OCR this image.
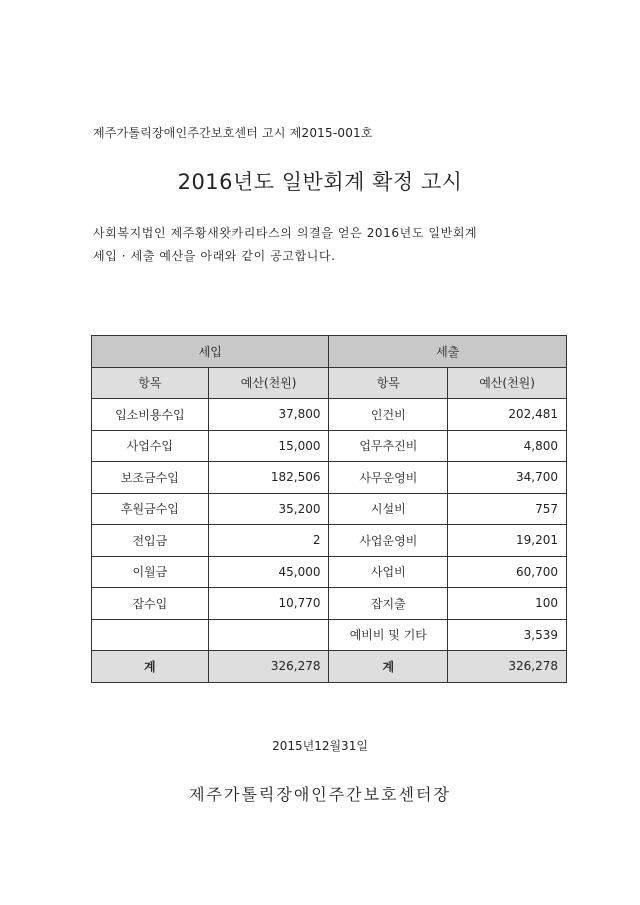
제주가톨릭장애인주간보호센터 고시 제2015-001호
2016년도 일반회계 확정 고시
사회복지법인 제주황새왓카리타스의 의결을 얻은 2016년도 일반회계
세입 · 세출 예산을 아래와 같이 공고합니다.
세입		세출	
항목	예산(천원)	항목	예산(천원)
입소비용수입	37,800	인건비	202,481
사업수입	15,000	업무추진비	4,800
보조금수입	182,506	사무운영비	34,700
후원금수입	35,200	시설비	757
전입금	2	사업운영비	19,201
이월금	45,000	사업비	60,700
잡수입	10,770	잡지출	100
		예비비 및 기타	3,539
계	326,278	계	326,278
2015년12월31일
제주가톨릭장애인주간보호센터장
